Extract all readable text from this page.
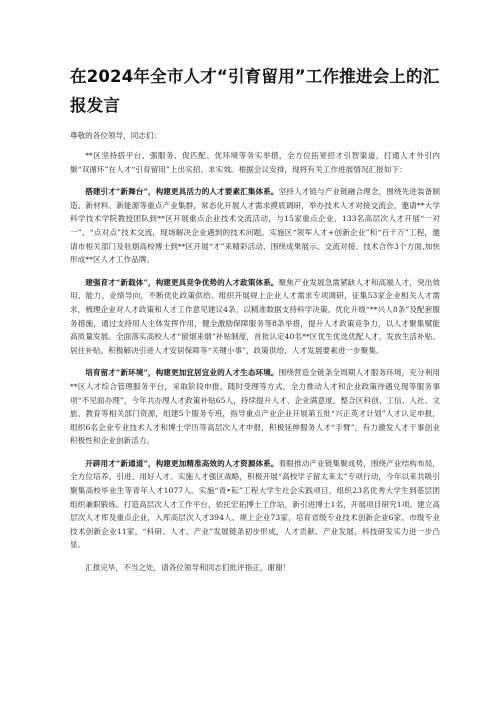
在2024年全市人才“引育留用”工作推进会上的汇报发言

尊敬的各位领导，同志们：

**区坚持搭平台、强服务、促匹配、优环境等务实举措，全方位拓宽招才引智渠道，打通人才外引内聚“双循环”在人才“引育留用”上出实招、求实效。根据会议安排，现将有关工作进展情况汇报如下：

搭建引才“新舞台”，构建更具活力的人才要素汇集体系。坚持人才链与产业链融合理念，围绕先进装备制造、新材料、新能源等重点产业集群，常态化开展人才需求摸底调研，举办技术人才对接交流会，邀请**大学科学技术学院教授团队到**区开展重点企业技术交流活动，与15家重点企业、133名高层次人才开展“一对一”、“点对点”技术交流，现场解决企业遇到的技术问题。实施区“领军人才+创新企业”和“百千万”工程，邀请市相关部门及驻烟高校博士到**区开展“才”来精彩活动，围绕成果展示、交流对接、技术合作3个方面,加快形成**区人才工作品牌。

建强育才“新载体”，构建更具竞争优势的人才政策体系。聚焦产业发展急需紧缺人才和高端人才，突出效用、能力、业绩导向，不断优化政策供给。组织开展规上企业人才需求专项调研，征集53家企业相关人才需求，梳理企业对人才政策和人才工作意见建议4条，以精准数据支持科学决策。优化升级“**兴人8条”及配套服务措施，通过支持用人主体发挥作用，健全激励保障服务等8条举措，提升人才政策竞争力，以人才聚集赋能高质量发展。全面落实高校人才“留烟来烟”补贴制度，首批认定40名**区优生优选优配人才，发放生活补贴、居住补贴。积极解决引进人才安居保障等“关键小事”，政策供给、人才发展要素进一步聚集。

培育留才“新环境”，构建更加宜居宜业的人才生态环境。围绕营造全链条全周期人才服务环境，充分利用**区人才综合管理服务平台，采取阶段申报、随时受理等方式，全力推动人才和企业政策待遇兑现等服务事项“不见面办理”，今年共办理人才政策补贴65人，持续提升人才、企业满意度。整合区科创、工信、人社、文旅、教育等相关部门资源，组建5个服务专班，指导重点产业企业开展第五批“兴正英才计划”人才认定申报，组织6名企业专业技术人才和博士学历等高层次人才申报，积极延伸服务人才“手臂”，有力激发人才干事创业积极性和企业创新活力。

开辟用才“新通道”，构建更加精准高效的人才资源体系。着眼推动产业链集聚成势，围绕产业结构布局，全方位培养、引进、用好人才。实施人才强区战略，积极开展“高校学子留太来太”专项行动，今年以来共吸引聚集高校毕业生等青年人才1077人。实施“青•耘”工程大学生社会实践项目，组织23名优秀大学生到基层团组织兼职锻炼。打造高层次人才工作平台，依托宏拓博士工作站，新引进博士1名，开展项目研究1项。建立高层次人才库及重点企业，入库高层次人才394人、规上企业73家，培育省级专业技术创新企业6家、市级专业技术创新企业11家，“科研、人才、产业”发展链条初步形成，人才贡献、产业发展、科技研发实力进一步凸显。

汇报完毕，不当之处，请各位领导和同志们批评指正，谢谢！
